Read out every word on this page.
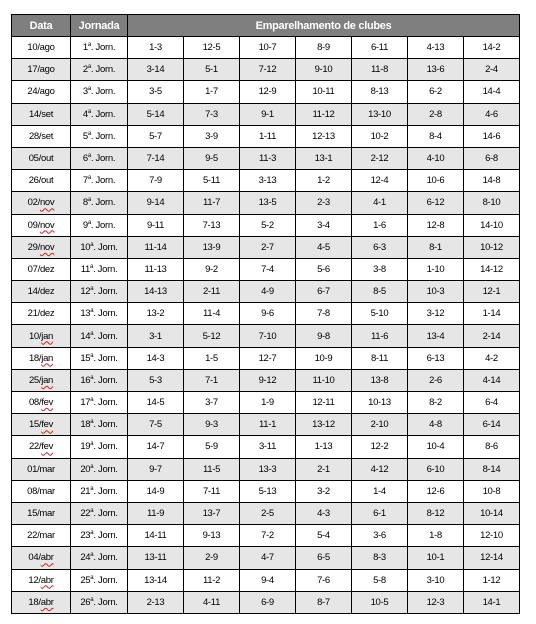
Data	Jornada	Emparelhamento de clubes						
10/ago	1$^a$. Jorn.	1-3	12-5	10-7	8-9	6-11	4-13	14-2
17/ago	2$^a$. Jorn.	3-14	5-1	7-12	9-10	11-8	13-6	2-4
24/ago	3$^a$. Jorn.	3-5	1-7	12-9	10-11	8-13	6-2	14-4
14/set	4$^a$. Jorn.	5-14	7-3	9-1	11-12	13-10	2-8	4-6
28/set	5$^a$. Jorn.	5-7	3-9	1-11	12-13	10-2	8-4	14-6
05/out	6$^a$. Jorn.	7-14	9-5	11-3	13-1	2-12	4-10	6-8
26/out	7$^a$. Jorn.	7-9	5-11	3-13	1-2	12-4	10-6	14-8
02/nov	8$^a$. Jorn.	9-14	11-7	13-5	2-3	4-1	6-12	8-10
09/nov	9$^a$. Jorn.	9-11	7-13	5-2	3-4	1-6	12-8	14-10
29/nov	10$^a$. Jorn.	11-14	13-9	2-7	4-5	6-3	8-1	10-12
07/dez	11$^a$. Jorn.	11-13	9-2	7-4	5-6	3-8	1-10	14-12
14/dez	12$^a$. Jorn.	14-13	2-11	4-9	6-7	8-5	10-3	12-1
21/dez	13$^a$. Jorn.	13-2	11-4	9-6	7-8	5-10	3-12	1-14
10/jan	14$^a$. Jorn.	3-1	5-12	7-10	9-8	11-6	13-4	2-14
18/jan	15$^a$. Jorn.	14-3	1-5	12-7	10-9	8-11	6-13	4-2
25/jan	16$^a$. Jorn.	5-3	7-1	9-12	11-10	13-8	2-6	4-14
08/fev	17$^a$. Jorn.	14-5	3-7	1-9	12-11	10-13	8-2	6-4
15/fev	18$^a$. Jorn.	7-5	9-3	11-1	13-12	2-10	4-8	6-14
22/fev	19$^a$. Jorn.	14-7	5-9	3-11	1-13	12-2	10-4	8-6
01/mar	20$^a$. Jorn.	9-7	11-5	13-3	2-1	4-12	6-10	8-14
08/mar	21$^a$. Jorn.	14-9	7-11	5-13	3-2	1-4	12-6	10-8
15/mar	22$^a$. Jorn.	11-9	13-7	2-5	4-3	6-1	8-12	10-14
22/mar	23$^a$. Jorn.	14-11	9-13	7-2	5-4	3-6	1-8	12-10
04/abr	24$^a$. Jorn.	13-11	2-9	4-7	6-5	8-3	10-1	12-14
12/abr	25$^a$. Jorn.	13-14	11-2	9-4	7-6	5-8	3-10	1-12
18/abr	26$^a$. Jorn.	2-13	4-11	6-9	8-7	10-5	12-3	14-1
